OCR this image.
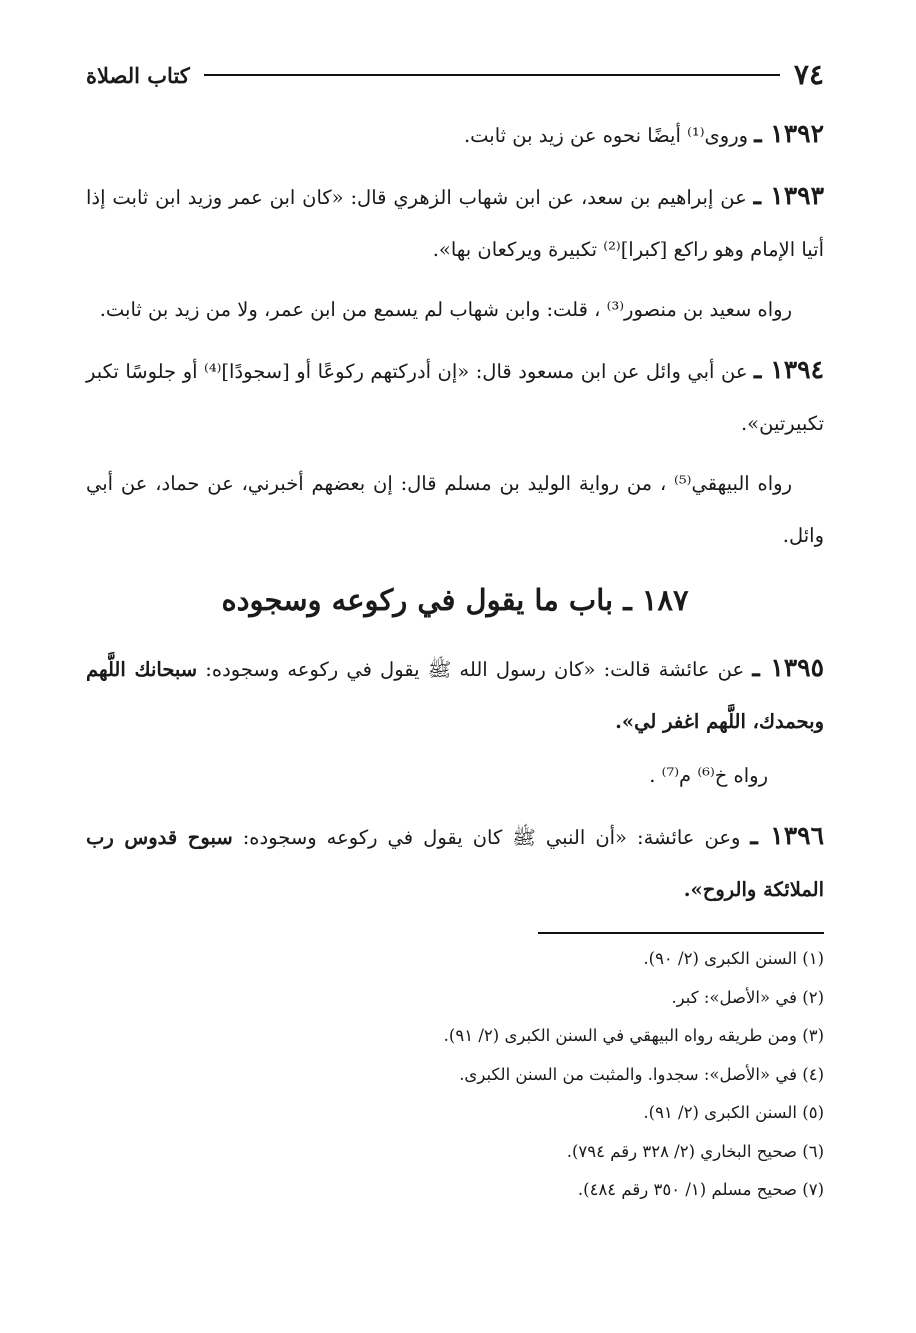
٧٤
كتاب الصلاة

١٣٩٢ ـ وروى⁽¹⁾ أيضًا نحوه عن زيد بن ثابت.

١٣٩٣ ـ عن إبراهيم بن سعد، عن ابن شهاب الزهري قال: «كان ابن عمر وزيد ابن ثابت إذا أتيا الإمام وهو راكع [كبرا]⁽²⁾ تكبيرة ويركعان بها».

رواه سعيد بن منصور⁽³⁾ ، قلت: وابن شهاب لم يسمع من ابن عمر، ولا من زيد بن ثابت.

١٣٩٤ ـ عن أبي وائل عن ابن مسعود قال: «إن أدركتهم ركوعًا أو [سجودًا]⁽⁴⁾ أو جلوسًا تكبر تكبيرتين».

رواه البيهقي⁽⁵⁾ ، من رواية الوليد بن مسلم قال: إن بعضهم أخبرني، عن حماد، عن أبي وائل.

١٨٧ ـ باب ما يقول في ركوعه وسجوده

١٣٩٥ ـ عن عائشة قالت: «كان رسول الله ﷺ يقول في ركوعه وسجوده: سبحانك اللَّهم وبحمدك، اللَّهم اغفر لي».

رواه خ⁽⁶⁾ م⁽⁷⁾ .

١٣٩٦ ـ وعن عائشة: «أن النبي ﷺ كان يقول في ركوعه وسجوده: سبوح قدوس رب الملائكة والروح».

(١) السنن الكبرى (٢/ ٩٠).
(٢) في «الأصل»: كبر.
(٣) ومن طريقه رواه البيهقي في السنن الكبرى (٢/ ٩١).
(٤) في «الأصل»: سجدوا. والمثبت من السنن الكبرى.
(٥) السنن الكبرى (٢/ ٩١).
(٦) صحيح البخاري (٢/ ٣٢٨ رقم ٧٩٤).
(٧) صحيح مسلم (١/ ٣٥٠ رقم ٤٨٤).
